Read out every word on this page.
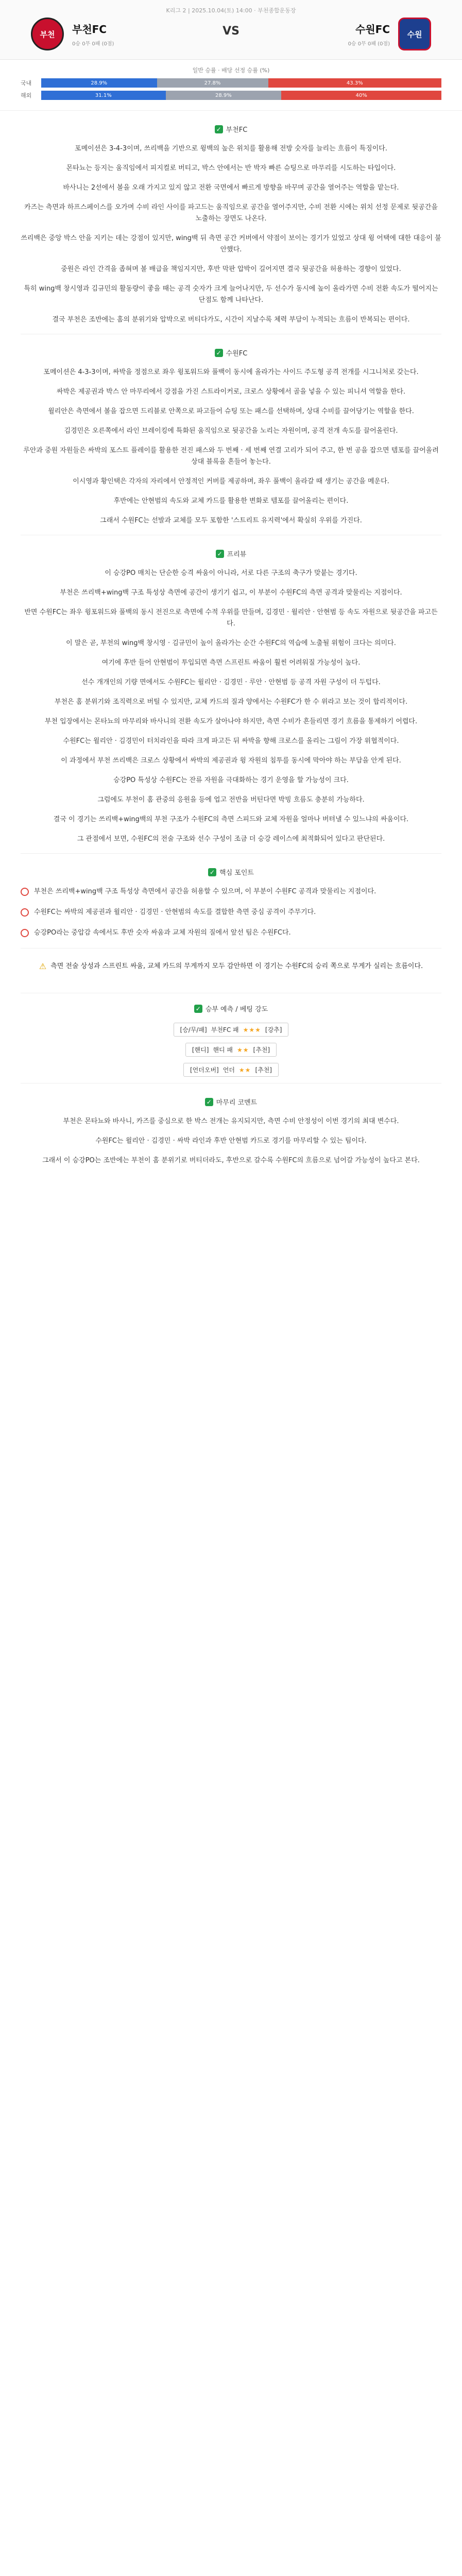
K리그 2 | 2025.10.04(토) 14:00 · 부천종합운동장
부천	부천FC
0승 0무 0패 (0점)
VS	수원
수원FC
0승 0무 0패 (0점)
일반 승률 · 배당 선정 승률 (%)
국내	28.9%	27.8%	43.3%
해외	31.1%	28.9%	40%
✓ 부천FC

포메이션은 3-4-3이며, 쓰리백을 기반으로 윙백의 높은 위치를 활용해 전방 숫자를 늘리는 흐름이 특징이다.

몬타뇨는 등지는 움직임에서 피지컬로 버티고, 박스 안에서는 반 박자 빠른 슈팅으로 마무리를 시도하는 타입이다.

바사니는 2선에서 볼을 오래 가지고 있지 않고 전환 국면에서 빠르게 방향을 바꾸며 공간을 열어주는 역할을 맡는다.

카즈는 측면과 하프스페이스를 오가며 수비 라인 사이를 파고드는 움직임으로 공간을 열어주지만, 수비 전환 시에는 위치 선정 문제로 뒷공간을 노출하는 장면도 나온다.

쓰리백은 중앙 박스 안을 지키는 데는 강점이 있지만, wing백 뒤 측면 공간 커버에서 약점이 보이는 경기가 있었고 상대 윙 어택에 대한 대응이 불안했다.

중원은 라인 간격을 좁혀며 볼 배급을 책임지지만, 후반 막판 압박이 길어지면 결국 뒷공간을 허용하는 경향이 있었다.

특히 wing백 창시영과 김규민의 활동량이 좋을 때는 공격 숫자가 크게 늘어나지만, 두 선수가 동시에 높이 올라가면 수비 전환 속도가 떨어지는 단점도 함께 나타난다.

결국 부천은 조반에는 홈의 분위기와 압박으로 버티다가도, 시간이 지날수록 체력 부담이 누적되는 흐름이 반복되는 편이다.

✓ 수원FC

포메이션은 4-3-3이며, 싸박을 정점으로 좌우 윙포워드와 풀백이 동시에 올라가는 사이드 주도형 공격 전개를 시그니처로 갖는다.

싸박은 제공권과 박스 안 마무리에서 강점을 가진 스트라이커로, 크로스 상황에서 골을 넣을 수 있는 피니셔 역할을 한다.

윌리안은 측면에서 볼을 잡으면 드리블로 안쪽으로 파고들어 슈팅 또는 패스를 선택하며, 상대 수비를 끌어당기는 역할을 한다.

김경민은 오른쪽에서 라인 브레이킹에 특화된 움직임으로 뒷공간을 노리는 자원이며, 공격 전개 속도를 끌어올린다.

루안과 중원 자원들은 싸박의 포스트 플레이를 활용한 전진 패스와 두 번째 · 세 번째 연결 고리가 되어 주고, 한 번 공을 잡으면 템포를 끌어올려 상대 블록을 흔들어 놓는다.

이시영과 황인택은 각자의 자리에서 안정적인 커버를 제공하며, 좌우 풀백이 올라갈 때 생기는 공간을 메운다.

후반에는 안현범의 속도와 교체 카드를 활용한 변화로 템포를 끌어올리는 편이다.

그래서 수원FC는 선발과 교체를 모두 포함한 '스트리트 유지력'에서 확실히 우위를 가진다.

✓ 프리뷰

이 승강PO 매치는 단순한 승격 싸움이 아니라, 서로 다른 구조의 축구가 맞붙는 경기다.

부천은 쓰리백+wing백 구조 특성상 측면에 공간이 생기기 쉽고, 이 부분이 수원FC의 측면 공격과 맞물리는 지점이다.

반면 수원FC는 좌우 윙포워드와 풀백의 동시 전진으로 측면에 수적 우위를 만들며, 김경민 · 윌리안 · 안현범 등 속도 자원으로 뒷공간을 파고든다.

이 말은 곧, 부천의 wing백 창시영 · 김규민이 높이 올라가는 순간 수원FC의 역습에 노출될 위험이 크다는 의미다.

여기에 후반 들어 안현범이 투입되면 측면 스프린트 싸움이 훨씬 어려워질 가능성이 높다.

선수 개개인의 기량 면에서도 수원FC는 윌리안 · 김경민 · 루안 · 안현범 등 공격 자원 구성이 더 두텁다.

부천은 홈 분위기와 조직력으로 버틸 수 있지만, 교체 카드의 질과 양에서는 수원FC가 한 수 위라고 보는 것이 합리적이다.

부천 입장에서는 몬타뇨의 마무리와 바사니의 전환 속도가 살아나야 하지만, 측면 수비가 흔들리면 경기 흐름을 통제하기 어렵다.

수원FC는 윌리안 · 김경민이 터치라인을 따라 크게 파고든 뒤 싸박을 향해 크로스를 올리는 그림이 가장 위협적이다.

이 과정에서 부천 쓰리백은 크로스 상황에서 싸박의 제공권과 윙 자원의 침투를 동시에 막아야 하는 부담을 안게 된다.

승강PO 특성상 수원FC는 잔류 자원을 극대화하는 경기 운영을 할 가능성이 크다.

그럼에도 부천이 홈 관중의 응원을 등에 업고 전반을 버틴다면 박빙 흐름도 충분히 가능하다.

결국 이 경기는 쓰리백+wing백의 부천 구조가 수원FC의 측면 스피드와 교체 자원을 얼마나 버텨낼 수 있느냐의 싸움이다.

그 관점에서 보면, 수원FC의 전술 구조와 선수 구성이 조금 더 승강 레이스에 최적화되어 있다고 판단된다.

✓ 핵심 포인트
부천은 쓰리백+wing백 구조 특성상 측면에서 공간을 허용할 수 있으며, 이 부분이 수원FC 공격과 맞물리는 지점이다.
수원FC는 싸박의 제공권과 윌리안 · 김경민 · 안현범의 속도를 결합한 측면 중심 공격이 주무기다.
승강PO라는 중압감 속에서도 후반 숫자 싸움과 교체 자원의 질에서 앞선 팀은 수원FC다.
⚠ 측면 전술 상성과 스프린트 싸움, 교체 카드의 무게까지 모두 감안하면 이 경기는 수원FC의 승리 쪽으로 무게가 실리는 흐름이다.
✓ 승부 예측 / 베팅 강도
[승/무/패] 부천FC 패 ★★★ [강추]
[핸디] 핸디 패 ★★ [추천]
[언더오버] 언더 ★★ [추천]
✓ 마무리 코멘트

부천은 몬타뇨와 바사니, 카즈를 중심으로 한 박스 전개는 유지되지만, 측면 수비 안정성이 이번 경기의 최대 변수다.

수원FC는 윌리안 · 김경민 · 싸박 라인과 후반 안현범 카드로 경기를 마무리할 수 있는 팀이다.

그래서 이 승강PO는 조반에는 부천이 홈 분위기로 버티더라도, 후반으로 갈수록 수원FC의 흐름으로 넘어갈 가능성이 높다고 본다.
